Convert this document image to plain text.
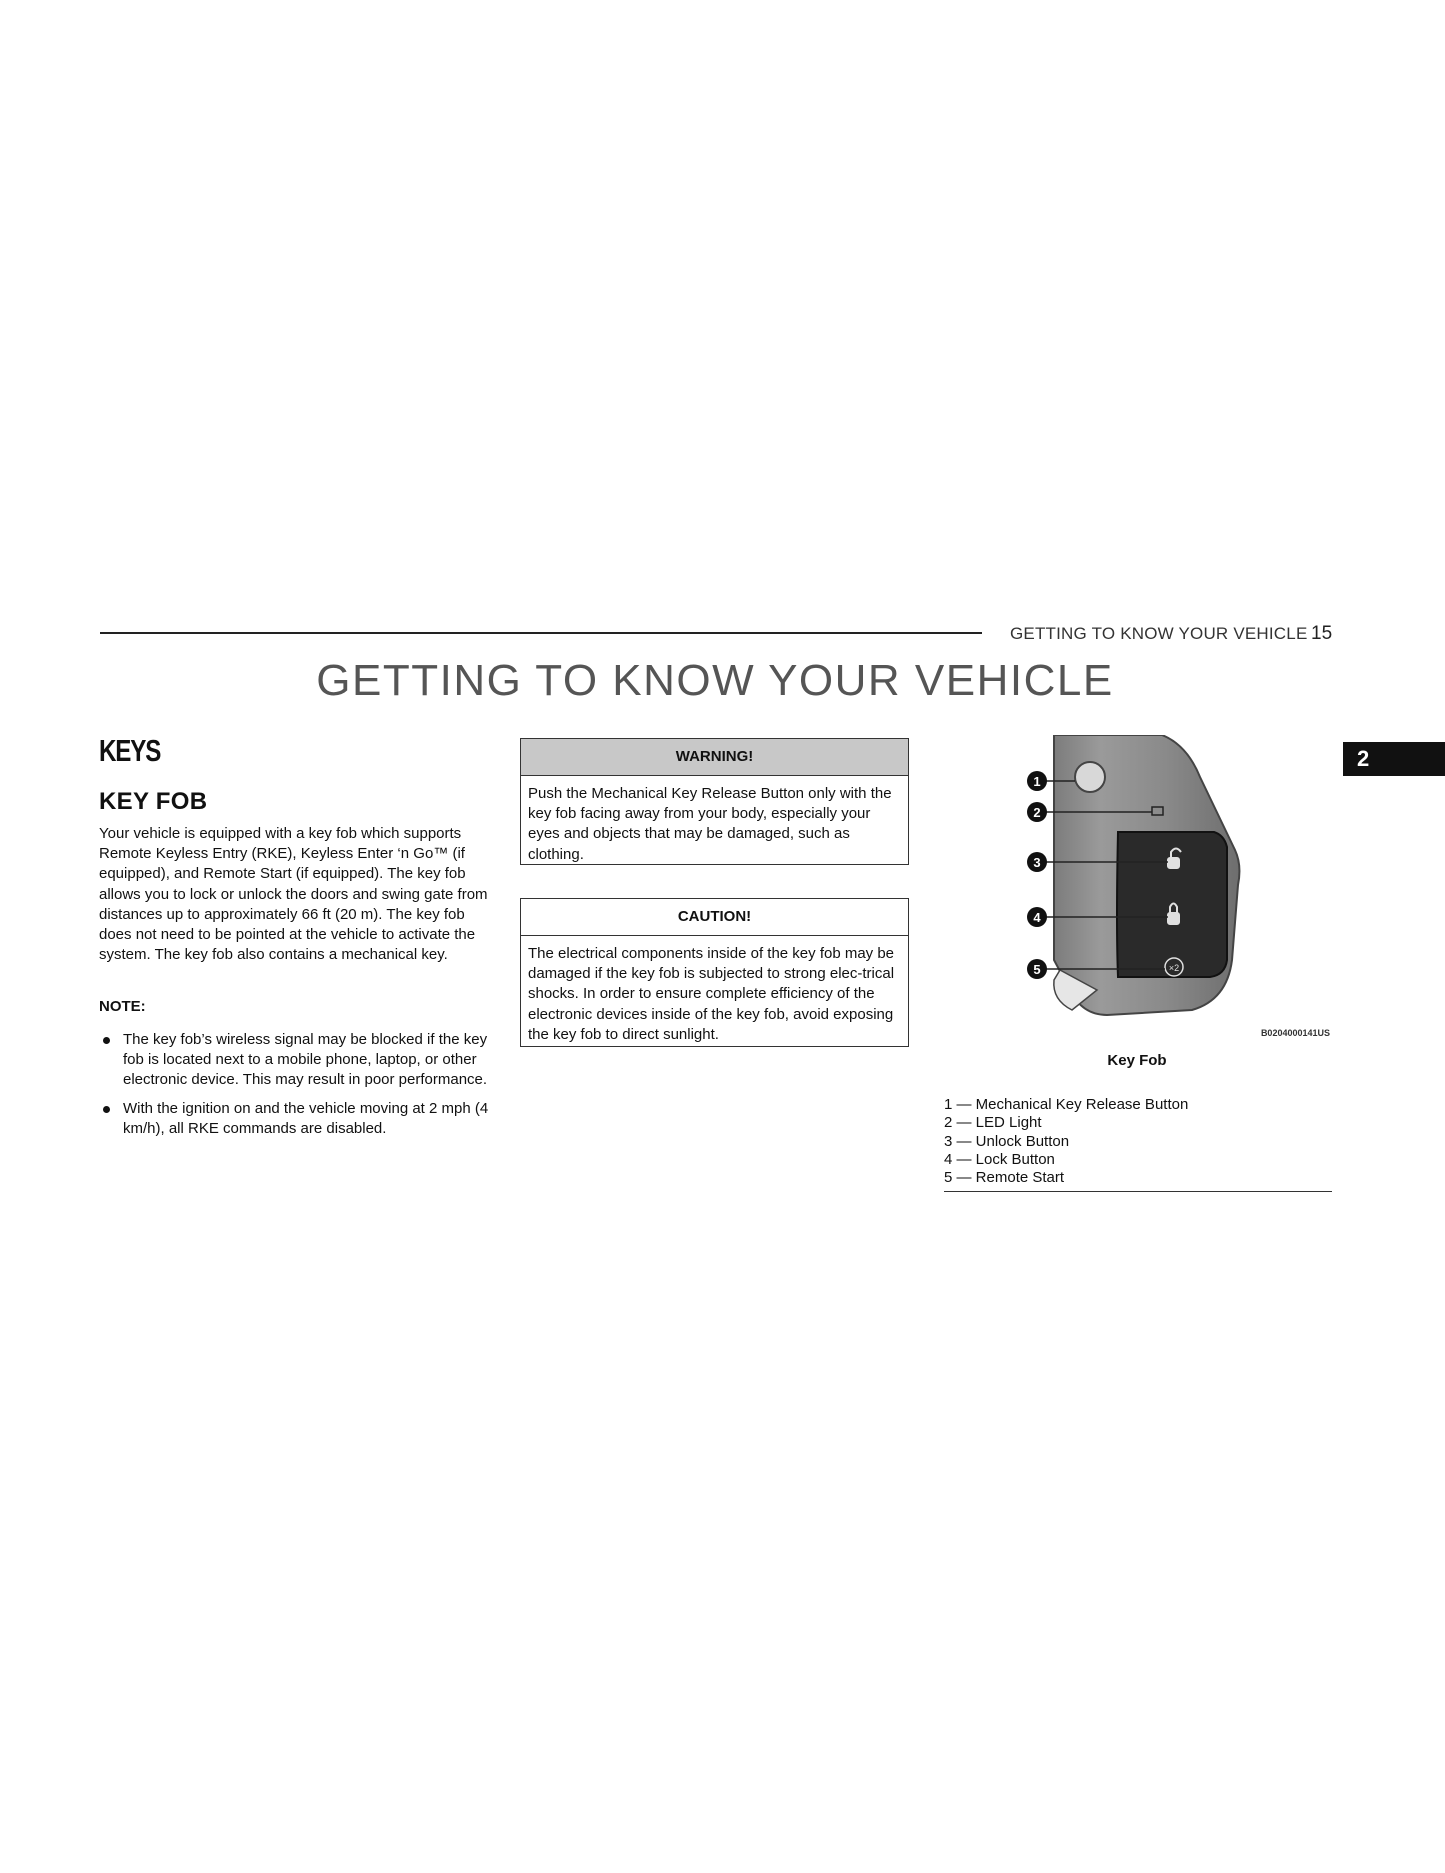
GETTING TO KNOW YOUR VEHICLE 15
GETTING TO KNOW YOUR VEHICLE
2
KEYS
KEY FOB
Your vehicle is equipped with a key fob which supports Remote Keyless Entry (RKE), Keyless Enter ‘n Go™ (if equipped), and Remote Start (if equipped). The key fob allows you to lock or unlock the doors and swing gate from distances up to approximately 66 ft (20 m). The key fob does not need to be pointed at the vehicle to activate the system. The key fob also contains a mechanical key.
NOTE:
The key fob’s wireless signal may be blocked if the key fob is located next to a mobile phone, laptop, or other electronic device. This may result in poor performance.
With the ignition on and the vehicle moving at 2 mph (4 km/h), all RKE commands are disabled.
WARNING!
Push the Mechanical Key Release Button only with the key fob facing away from your body, especially your eyes and objects that may be damaged, such as clothing.
CAUTION!
The electrical components inside of the key fob may be damaged if the key fob is subjected to strong elec-trical shocks. In order to ensure complete efficiency of the electronic devices inside of the key fob, avoid exposing the key fob to direct sunlight.
×2
1
2
3
4
5
B0204000141US
Key Fob
1 — Mechanical Key Release Button
2 — LED Light
3 — Unlock Button
4 — Lock Button
5 — Remote Start
